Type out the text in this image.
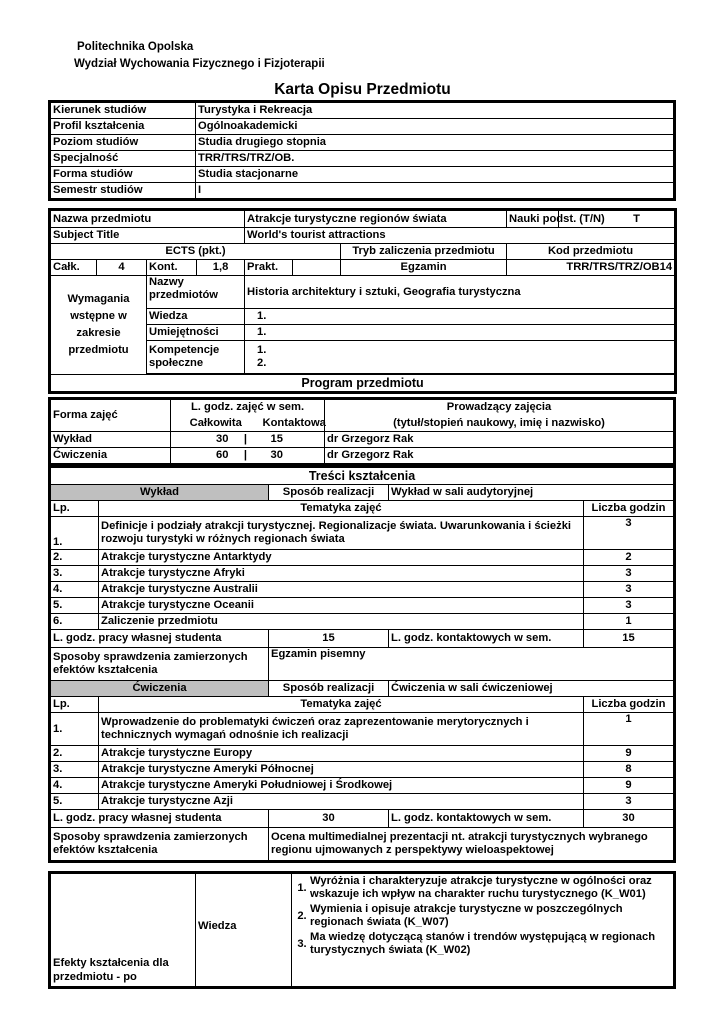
Politechnika Opolska
Wydział Wychowania Fizycznego i Fizjoterapii
Karta Opisu Przedmiotu
Kierunek studiów	Turystyka i Rekreacja
Profil kształcenia	Ogólnoakademicki
Poziom studiów	Studia drugiego stopnia
Specjalność	TRR/TRS/TRZ/OB.
Forma studiów	Studia stacjonarne
Semestr studiów	I
Nazwa przedmiotu				Atrakcje turystyczne regionów świata			Nauki podst. (T/N)	T
Subject Title				World's tourist attractions				
ECTS (pkt.)						Tryb zaliczenia przedmiotu	Kod przedmiotu	
Całk.	4	Kont.	1,8	Prakt.		Egzamin	TRR/TRS/TRZ/OB14	
Wymagania wstępne w zakresie przedmiotu		Nazwy przedmiotów		Historia architektury i sztuki, Geografia turystyczna				
		Wiedza		1.				
		Umiejętności		1.				
		Kompetencje społeczne		1.
2.				

Program przedmiotu								
Forma zajęć	L. godz. zajęć w sem.			Prowadzący zajęcia
	Całkowita		Kontaktowa	(tytuł/stopień naukowy, imię i nazwisko)
Wykład	30	|	15	dr Grzegorz Rak
Ćwiczenia	60	|	30	dr Grzegorz Rak
Treści kształcenia				
Wykład		Sposób realizacji	Wykład w sali audytoryjnej	
Lp.	Tematyka zajęć			Liczba godzin
1.	Definicje i podziały atrakcji turystycznej. Regionalizacje świata. Uwarunkowania i ścieżki rozwoju turystyki w różnych regionach świata			3
2.	Atrakcje turystyczne Antarktydy			2
3.	Atrakcje turystyczne Afryki			3
4.	Atrakcje turystyczne Australii			3
5.	Atrakcje turystyczne Oceanii			3
6.	Zaliczenie przedmiotu			1
L. godz. pracy własnej studenta		15	L. godz. kontaktowych w sem.	15
Sposoby sprawdzenia zamierzonych efektów kształcenia		Egzamin pisemny		
Ćwiczenia		Sposób realizacji	Ćwiczenia w sali ćwiczeniowej	
Lp.	Tematyka zajęć			Liczba godzin
1.	Wprowadzenie do problematyki ćwiczeń oraz zaprezentowanie merytorycznych i technicznych wymagań odnośnie ich realizacji			1
2.	Atrakcje turystyczne Europy			9
3.	Atrakcje turystyczne Ameryki Północnej			8
4.	Atrakcje turystyczne Ameryki Południowej i Środkowej			9
5.	Atrakcje turystyczne Azji			3
L. godz. pracy własnej studenta		30	L. godz. kontaktowych w sem.	30
Sposoby sprawdzenia zamierzonych efektów kształcenia		Ocena multimedialnej prezentacji nt. atrakcji turystycznych wybranego regionu ujmowanych z perspektywy wieloaspektowej		
Efekty kształcenia dla przedmiotu - po	Wiedza	
1.
Wyróżnia i charakteryzuje atrakcje turystyczne w ogólności oraz wskazuje ich wpływ na charakter ruchu turystycznego (K_W01)
2.
Wymienia i opisuje atrakcje turystyczne w poszczególnych regionach świata (K_W07)
3.
Ma wiedzę dotyczącą stanów i trendów występującą w regionach turystycznych świata (K_W02)
